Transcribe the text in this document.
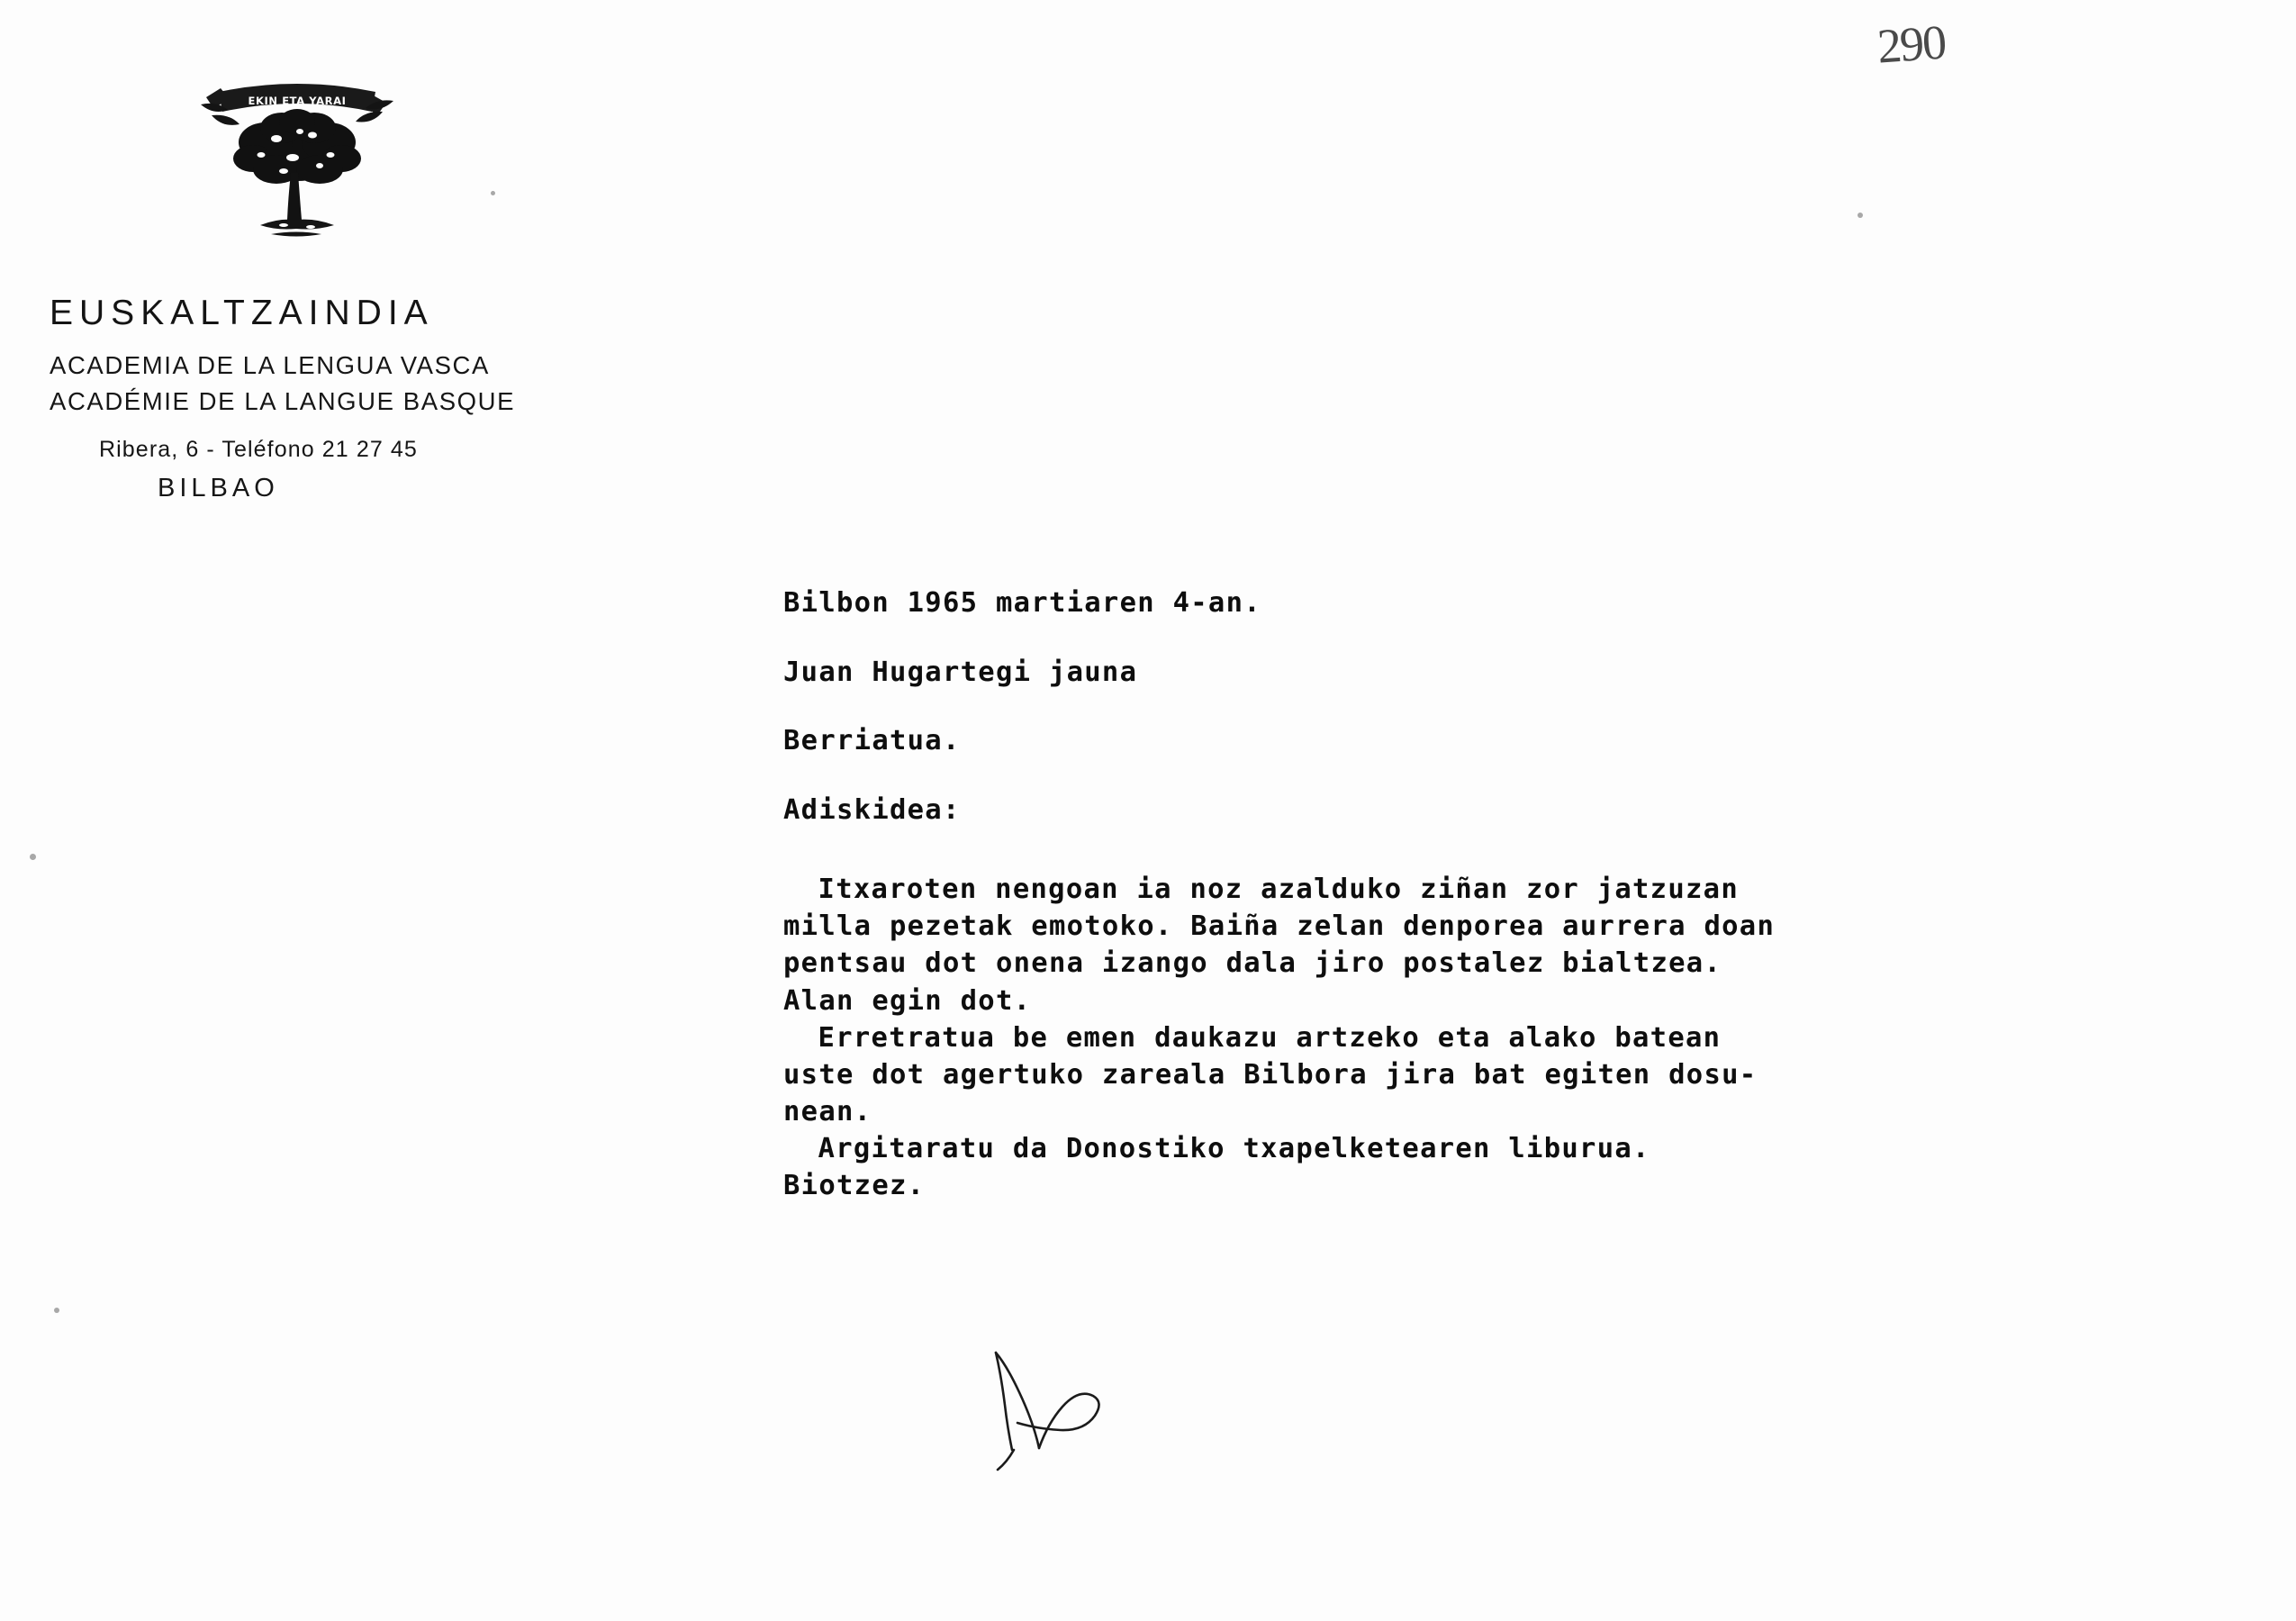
290
EKIN ETA YARAI
EUSKALTZAINDIA
ACADEMIA DE LA LENGUA VASCA
ACADÉMIE DE LA LANGUE BASQUE
Ribera, 6 - Teléfono 21 27 45
BILBAO
Bilbon 1965 martiaren 4-an.
Juan Hugartegi jauna
Berriatua.
Adiskidea:
Itxaroten nengoan ia noz azalduko ziñan zor jatzuzan
milla pezetak emotoko. Baiña zelan denporea aurrera doan
pentsau dot onena izango dala jiro postalez bialtzea.
Alan egin dot.
Erretratua be emen daukazu artzeko eta alako batean
uste dot agertuko zareala Bilbora jira bat egiten dosu-
nean.
Argitaratu da Donostiko txapelketearen liburua.
Biotzez.
